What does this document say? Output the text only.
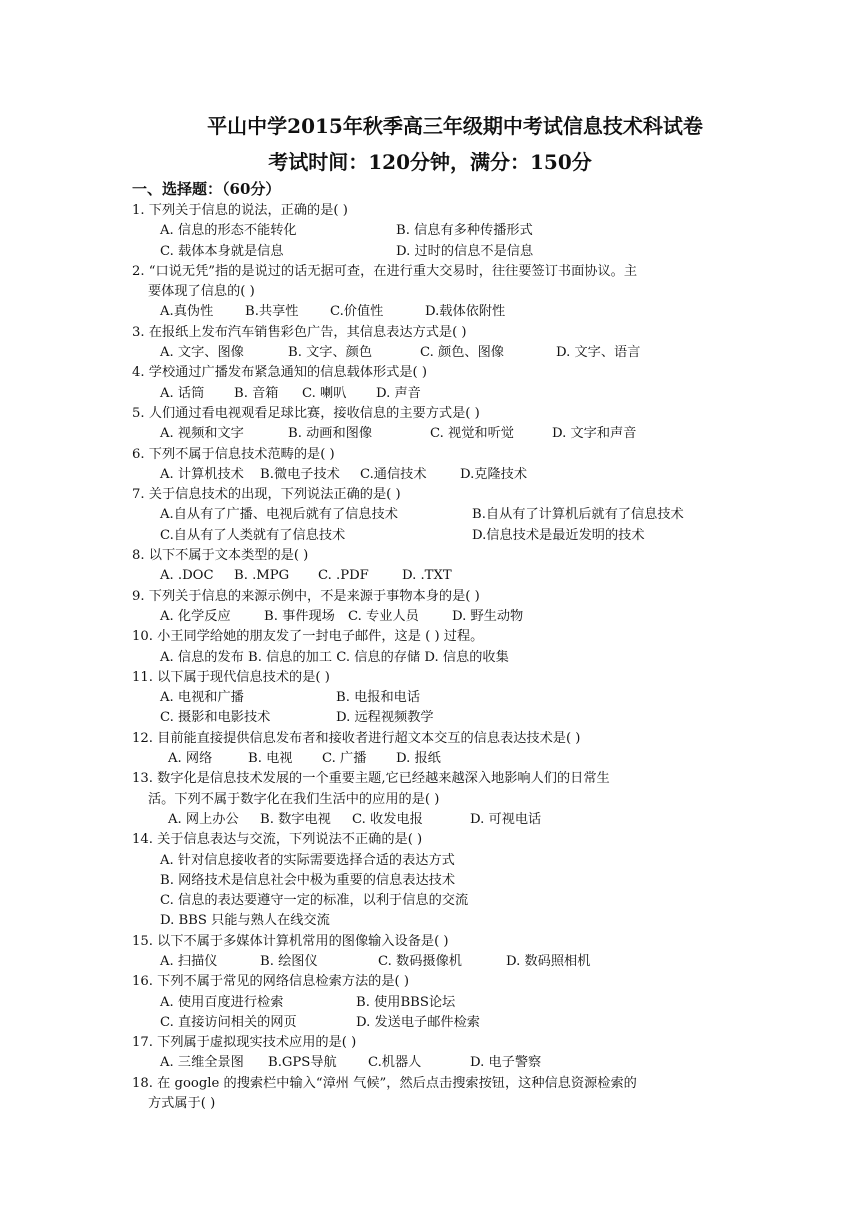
平山中学2015年秋季高三年级期中考试信息技术科试卷
考试时间：120分钟，满分：150分
一、选择题：（60分）
1. 下列关于信息的说法，正确的是( )
A. 信息的形态不能转化	B. 信息有多种传播形式
C. 载体本身就是信息	D. 过时的信息不是信息
2. “口说无凭”指的是说过的话无据可查，在进行重大交易时，往往要签订书面协议。主
要体现了信息的( )
A.真伪性 B.共享性 C.价值性	D.载体依附性
3. 在报纸上发布汽车销售彩色广告，其信息表达方式是( )
A. 文字、图像	B. 文字、颜色	C. 颜色、图像	D. 文字、语言
4. 学校通过广播发布紧急通知的信息载体形式是( )
A. 话筒 B. 音箱 C. 喇叭 D. 声音
5. 人们通过看电视观看足球比赛，接收信息的主要方式是( )
A. 视频和文字	B. 动画和图像	C. 视觉和听觉	D. 文字和声音
6. 下列不属于信息技术范畴的是( )
A. 计算机技术 B.微电子技术 C.通信技术	D.克隆技术
7. 关于信息技术的出现，下列说法正确的是( )
A.自从有了广播、电视后就有了信息技术	B.自从有了计算机后就有了信息技术
C.自从有了人类就有了信息技术	D.信息技术是最近发明的技术
8. 以下不属于文本类型的是( )
A. .DOC B. .MPG C. .PDF	D. .TXT
9. 下列关于信息的来源示例中，不是来源于事物本身的是( )
A. 化学反应	B. 事件现场 C. 专业人员	D. 野生动物
10. 小王同学给她的朋友发了一封电子邮件，这是 ( ) 过程。
A. 信息的发布 B. 信息的加工 C. 信息的存储 D. 信息的收集
11. 以下属于现代信息技术的是( )
A. 电视和广播	B. 电报和电话
C. 摄影和电影技术	D. 远程视频教学
12. 目前能直接提供信息发布者和接收者进行超文本交互的信息表达技术是( )
A. 网络	B. 电视 C. 广播 D. 报纸
13. 数字化是信息技术发展的一个重要主题,它已经越来越深入地影响人们的日常生
活。下列不属于数字化在我们生活中的应用的是( )
A. 网上办公 B. 数字电视 C. 收发电报	D. 可视电话
14. 关于信息表达与交流，下列说法不正确的是( )
A. 针对信息接收者的实际需要选择合适的表达方式
B. 网络技术是信息社会中极为重要的信息表达技术
C. 信息的表达要遵守一定的标准，以利于信息的交流
D. BBS 只能与熟人在线交流
15. 以下不属于多媒体计算机常用的图像输入设备是( )
A. 扫描仪	B. 绘图仪	C. 数码摄像机	D. 数码照相机
16. 下列不属于常见的网络信息检索方法的是( )
A. 使用百度进行检索	B. 使用BBS论坛
C. 直接访问相关的网页	D. 发送电子邮件检索
17. 下列属于虚拟现实技术应用的是( )
A. 三维全景图 B.GPS导航 C.机器人	D. 电子警察
18. 在 google 的搜索栏中输入“漳州 气候”，然后点击搜索按钮，这种信息资源检索的
方式属于( )
